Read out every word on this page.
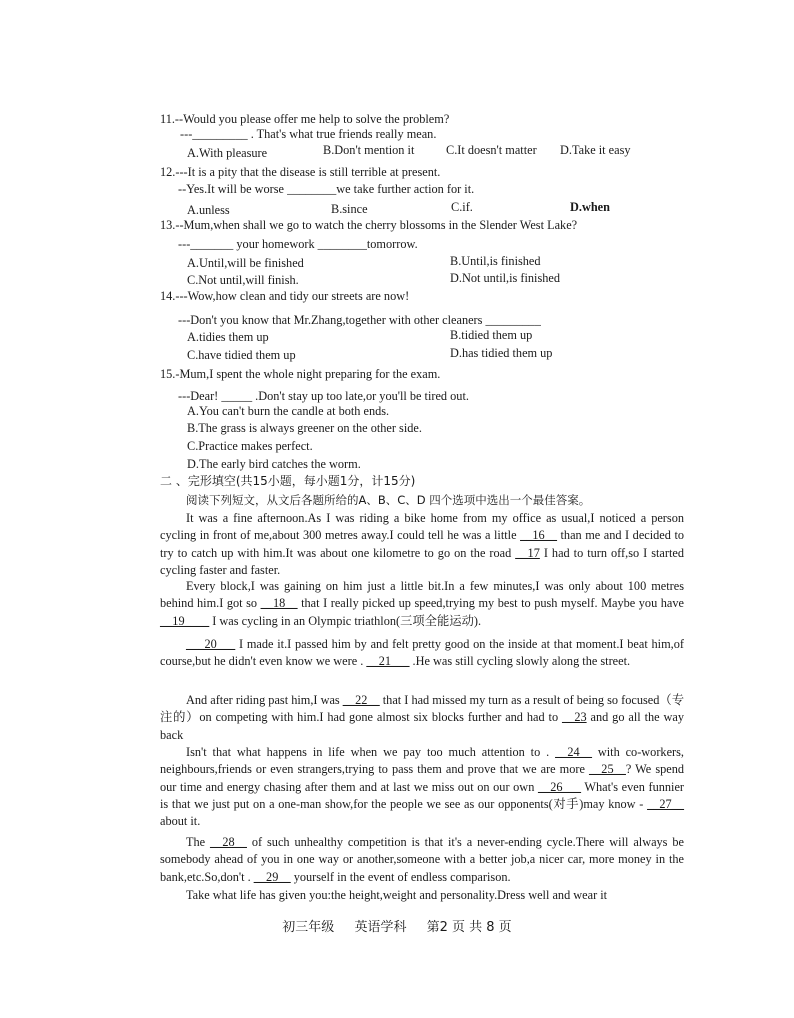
11.--Would you please offer me help to solve the problem?
---_________ . That's what true friends really mean.
A.With pleasure	B.Don't mention it	C.It doesn't matter D.Take it easy
12.---It is a pity that the disease is still terrible at present.
--Yes.It will be worse ________we take further action for it.
A.unless	B.since	C.if.	D.when
13.--Mum,when shall we go to watch the cherry blossoms in the Slender West Lake?
---_______ your homework ________tomorrow.
A.Until,will be finished	B.Until,is finished
C.Not until,will finish.	D.Not until,is finished
14.---Wow,how clean and tidy our streets are now!
---Don't you know that Mr.Zhang,together with other cleaners _________
A.tidies them up	B.tidied them up
C.have tidied them up	D.has tidied them up
15.-Mum,I spent the whole night preparing for the exam.
---Dear! _____ .Don't stay up too late,or you'll be tired out.
A.You can't burn the candle at both ends.
B.The grass is always greener on the other side.
C.Practice makes perfect.
D.The early bird catches the worm.
二 、完形填空(共15小题，每小题1分，计15分)
阅读下列短文，从文后各题所给的A、B、C、D 四个选项中选出一个最佳答案。
It was a fine afternoon.As I was riding a bike home from my office as usual,I noticed a person cycling in front of me,about 300 metres away.I could tell he was a little __16__ than me and I decided to try to catch up with him.It was about one kilometre to go on the road __17 I had to turn off,so I started cycling faster and faster.
Every block,I was gaining on him just a little bit.In a few minutes,I was only about 100 metres behind him.I got so __18__ that I really picked up speed,trying my best to push myself. Maybe you have __19____ I was cycling in an Olympic triathlon(三项全能运动).
___20___ I made it.I passed him by and felt pretty good on the inside at that moment.I beat him,of course,but he didn't even know we were . __21___ .He was still cycling slowly along the street.
And after riding past him,I was __22__ that I had missed my turn as a result of being so focused（专注的）on competing with him.I had gone almost six blocks further and had to __23 and go all the way back
Isn't that what happens in life when we pay too much attention to . __24__ with co-workers, neighbours,friends or even strangers,trying to pass them and prove that we are more __25__? We spend our time and energy chasing after them and at last we miss out on our own __26___ What's even funnier is that we just put on a one-man show,for the people we see as our opponents(对手)may know - __27__ about it.
The __28__ of such unhealthy competition is that it's a never-ending cycle.There will always be somebody ahead of you in one way or another,someone with a better job,a nicer car, more money in the bank,etc.So,don't . __29__ yourself in the event of endless comparison.
Take what life has given you:the height,weight and personality.Dress well and wear it
初三年级 英语学科 第2 页 共 8 页
